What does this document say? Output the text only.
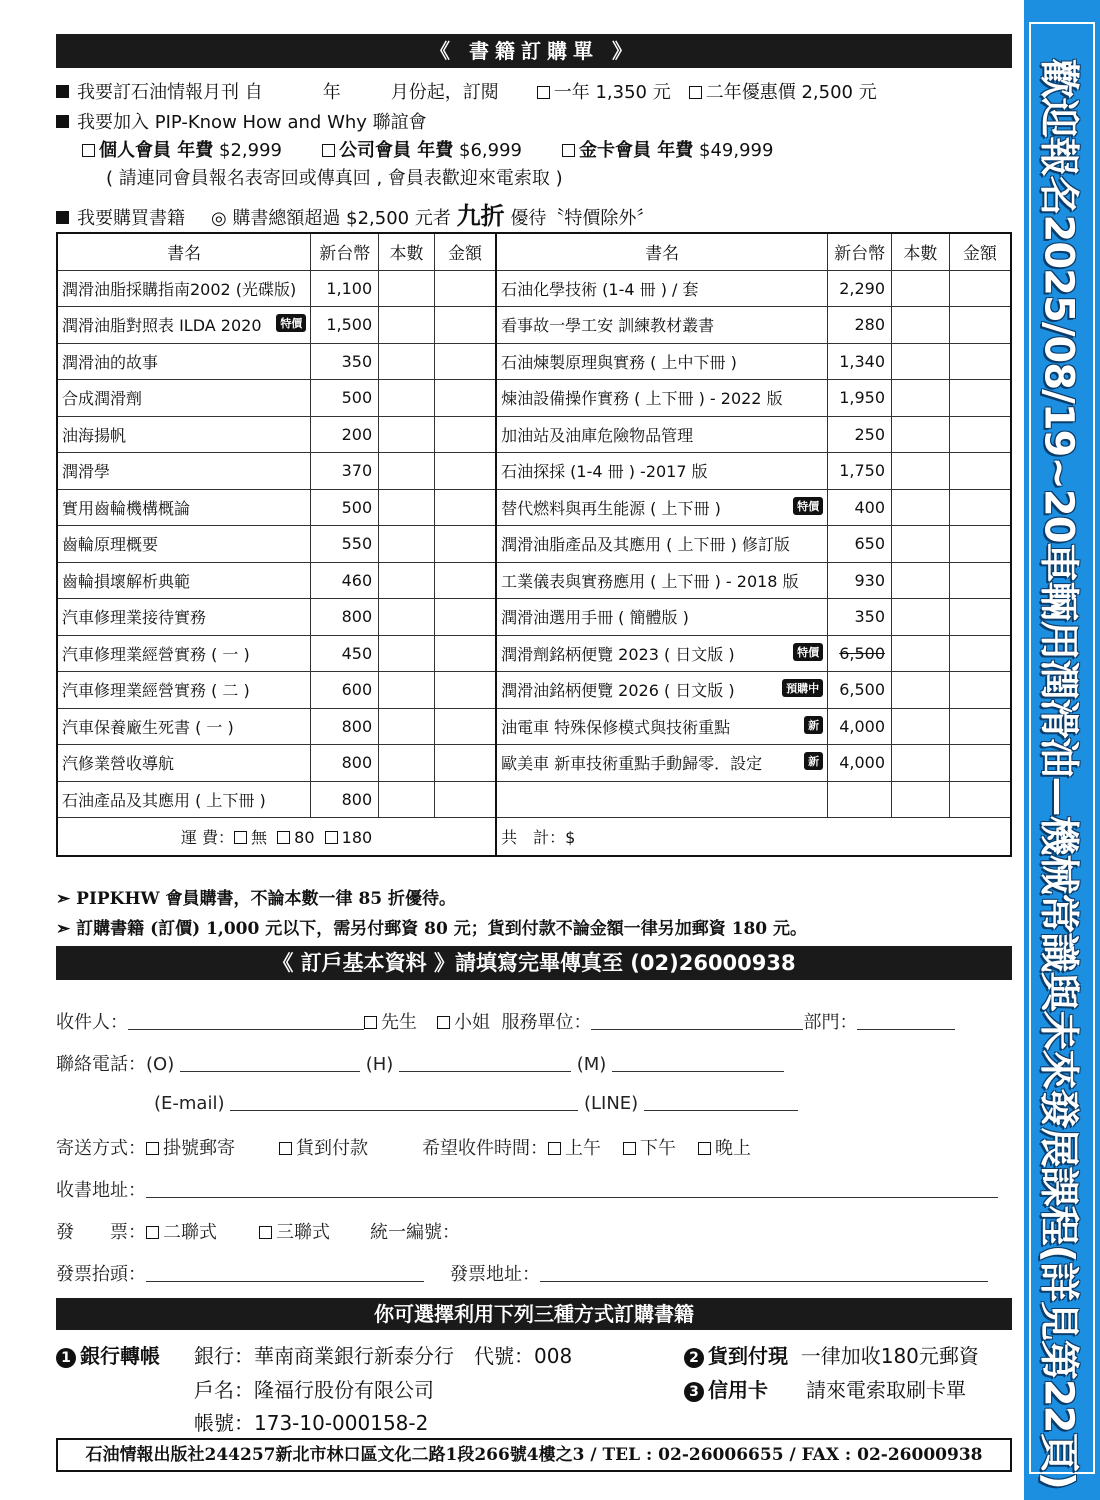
《 書籍訂購單 》
我要訂石油情報月刊 自	年	月份起，訂閱	一年 1,350 元 二年優惠價 2,500 元
我要加入 PIP-Know How and Why 聯誼會
個人會員 年費 $2,999	公司會員 年費 $6,999	金卡會員 年費 $49,999
( 請連同會員報名表寄回或傳真回 , 會員表歡迎來電索取 )
我要購買書籍 ◎ 購書總額超過 $2,500 元者 九折 優待〝特價除外〞
書名	新台幣	本數	金額	書名	新台幣	本數	金額
潤滑油脂採購指南2002 (光碟版)	1,100			石油化學技術 (1-4 冊 ) / 套	2,290		
潤滑油脂對照表 ILDA 2020 特價	1,500			看事故一學工安 訓練教材叢書	280		
潤滑油的故事	350			石油煉製原理與實務 ( 上中下冊 )	1,340		
合成潤滑劑	500			煉油設備操作實務 ( 上下冊 ) - 2022 版	1,950		
油海揚帆	200			加油站及油庫危險物品管理	250		
潤滑學	370			石油探採 (1-4 冊 ) -2017 版	1,750		
實用齒輪機構概論	500			替代燃料與再生能源 ( 上下冊 ) 特價	400		
齒輪原理概要	550			潤滑油脂產品及其應用 ( 上下冊 ) 修訂版	650		
齒輪損壞解析典範	460			工業儀表與實務應用 ( 上下冊 ) - 2018 版	930		
汽車修理業接待實務	800			潤滑油選用手冊 ( 簡體版 )	350		
汽車修理業經營實務 ( 一 )	450			潤滑劑銘柄便覽 2023 ( 日文版 ) 特價	6,500		
汽車修理業經營實務 ( 二 )	600			潤滑油銘柄便覽 2026 ( 日文版 ) 預購中	6,500		
汽車保養廠生死書 ( 一 )	800			油電車 特殊保修模式與技術重點 新	4,000		
汽修業營收導航	800			歐美車 新車技術重點手動歸零．設定 新	4,000		
石油產品及其應用 ( 上下冊 )	800						
運 費： 無 80 180				共　計：$			
➣ PIPKHW 會員購書，不論本數一律 85 折優待。
➣ 訂購書籍 (訂價) 1,000 元以下，需另付郵資 80 元；貨到付款不論金額一律另加郵資 180 元。
《 訂戶基本資料 》請填寫完畢傳真至 (02)26000938
收件人：	先生 小姐 服務單位：	部門：
聯絡電話：(O)	(H)	(M)
(E-mail)	(LINE)
寄送方式： 掛號郵寄	貨到付款	希望收件時間： 上午 下午 晚上
收書地址：
發　　票： 二聯式	三聯式 統一編號：
發票抬頭：	發票地址：
你可選擇利用下列三種方式訂購書籍
1 銀行轉帳 銀行：華南商業銀行新泰分行　代號：008
戶名：隆福行股份有限公司
帳號：173-10-000158-2
2 貨到付現 一律加收180元郵資
3 信用卡 請來電索取刷卡單
石油情報出版社244257新北市林口區文化二路1段266號4樓之3 / TEL : 02-26006655 / FAX : 02-26000938	歡迎報名2025/08/19~20車輛用潤滑油—機械常識與未來發展課程(詳見第22頁)
